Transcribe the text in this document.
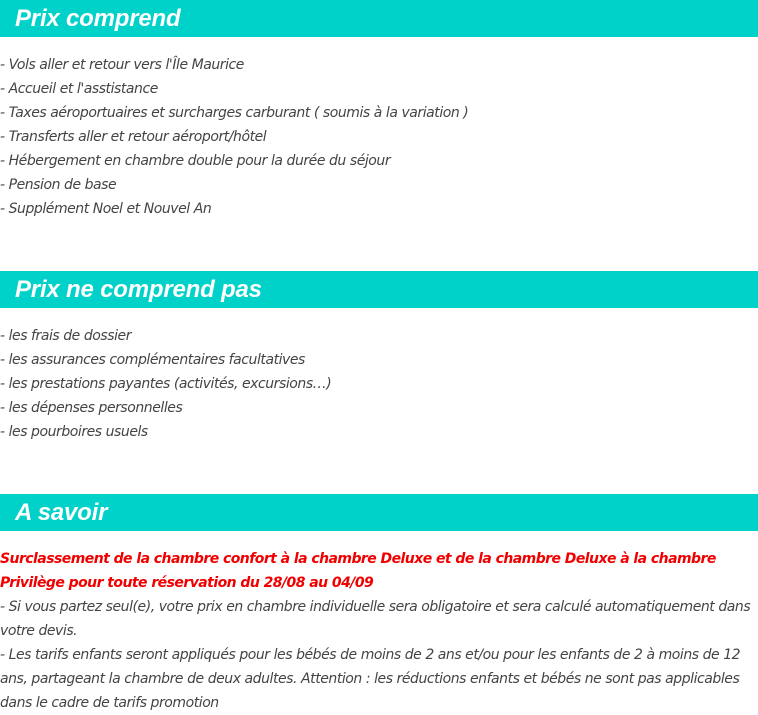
Prix comprend
- Vols aller et retour vers l'Île Maurice
- Accueil et l'asstistance
- Taxes aéroportuaires et surcharges carburant ( soumis à la variation )
- Transferts aller et retour aéroport/hôtel
- Hébergement en chambre double pour la durée du séjour
- Pension de base
- Supplément Noel et Nouvel An
Prix ne comprend pas
- les frais de dossier
- les assurances complémentaires facultatives
- les prestations payantes (activités, excursions…)
- les dépenses personnelles
- les pourboires usuels
A savoir
Surclassement de la chambre confort à la chambre Deluxe et de la chambre Deluxe à la chambre Privilège pour toute réservation du 28/08 au 04/09
- Si vous partez seul(e), votre prix en chambre individuelle sera obligatoire et sera calculé automatiquement dans votre devis.
- Les tarifs enfants seront appliqués pour les bébés de moins de 2 ans et/ou pour les enfants de 2 à moins de 12 ans, partageant la chambre de deux adultes. Attention : les réductions enfants et bébés ne sont pas applicables dans le cadre de tarifs promotion
